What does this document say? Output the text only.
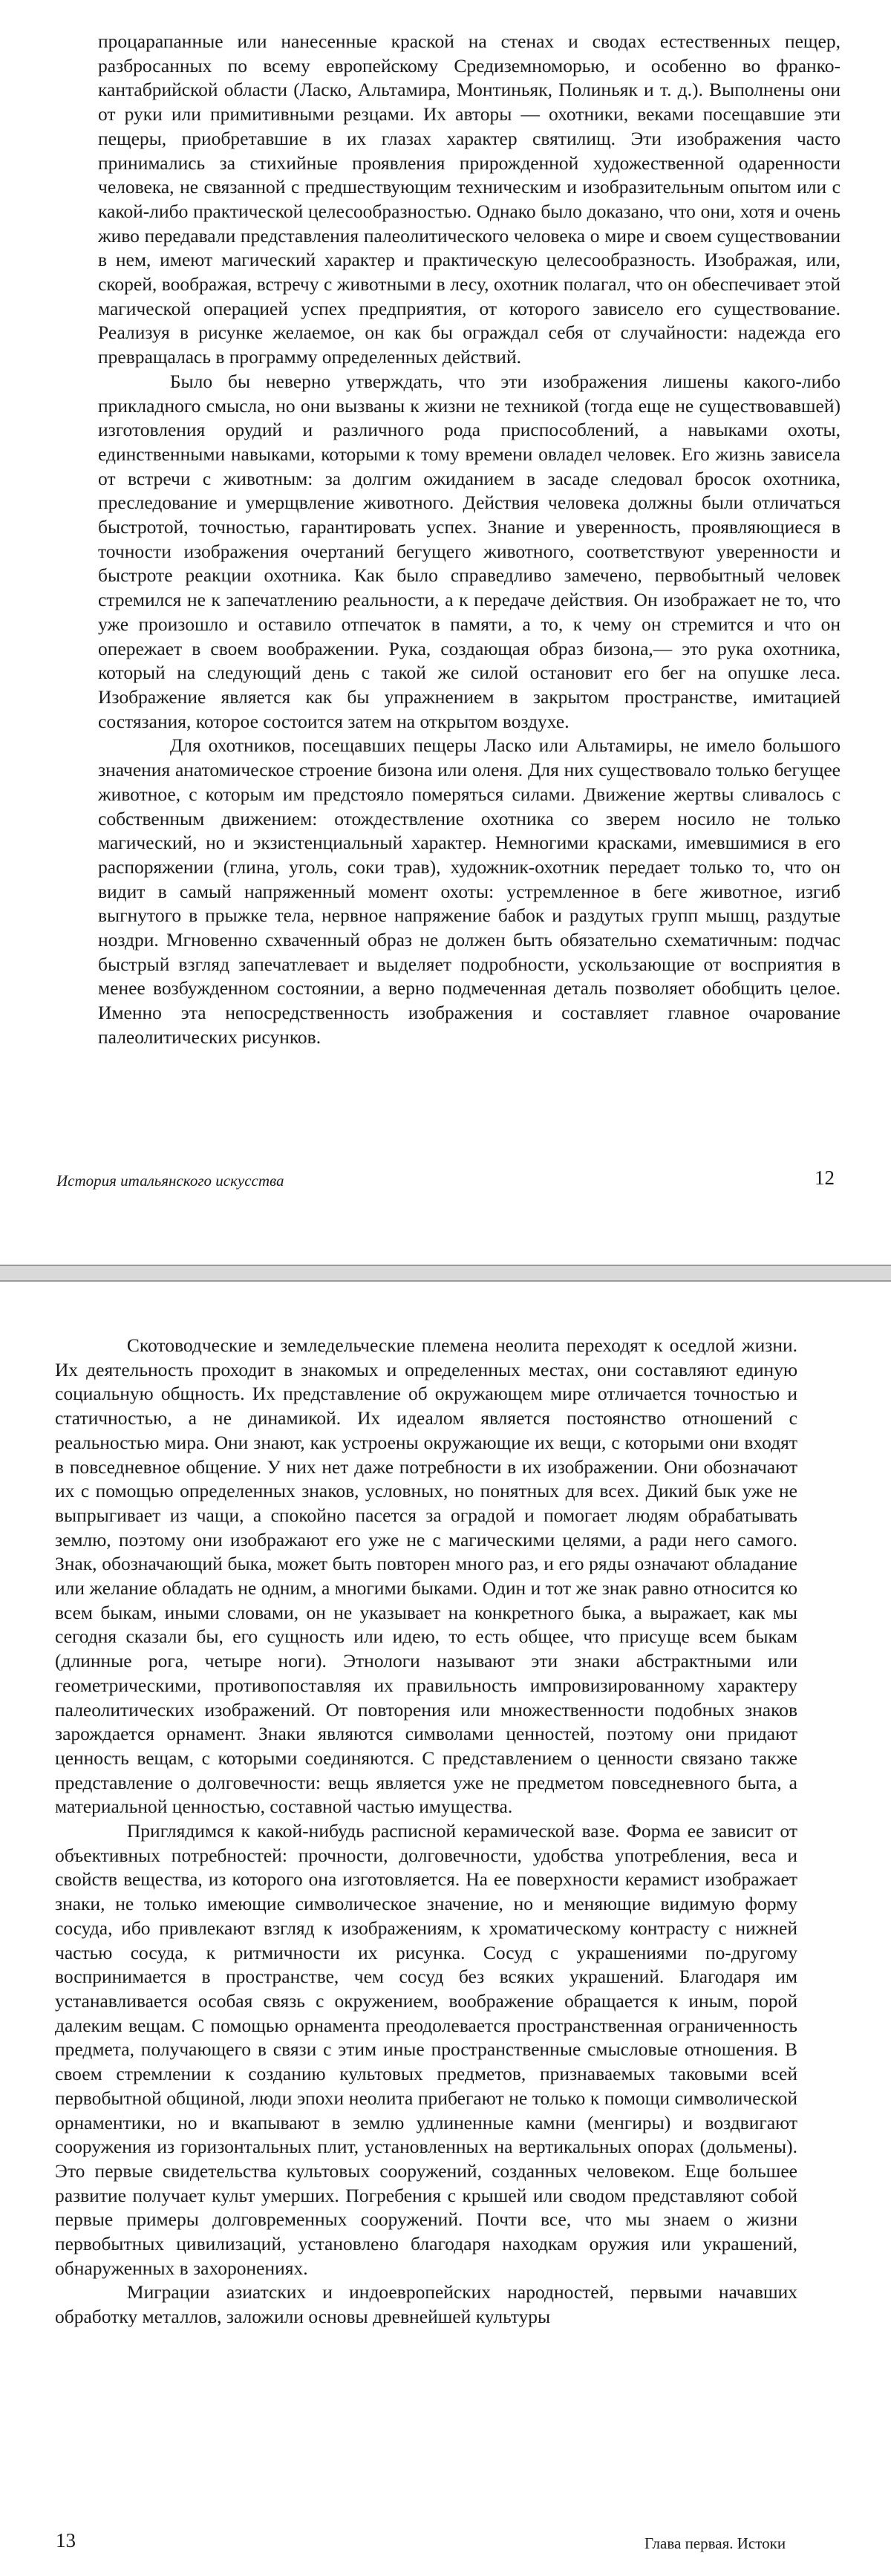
процарапанные или нанесенные краской на стенах и сводах естественных пещер, разбросанных по всему европейскому Средиземноморью, и особенно во франко-кантабрийской области (Ласко, Альтамира, Монтиньяк, Полиньяк и т. д.). Выполнены они от руки или примитивными резцами. Их авторы — охотники, веками посещавшие эти пещеры, приобретавшие в их глазах характер святилищ. Эти изображения часто принимались за стихийные проявления прирожденной художественной одаренности человека, не связанной с предшествующим техническим и изобразительным опытом или с какой-либо практической целесообразностью. Однако было доказано, что они, хотя и очень живо передавали представления палеолитического человека о мире и своем существовании в нем, имеют магический характер и практическую целесообразность. Изображая, или, скорей, воображая, встречу с животными в лесу, охотник полагал, что он обеспечивает этой магической операцией успех предприятия, от которого зависело его существование. Реализуя в рисунке желаемое, он как бы ограждал себя от случайности: надежда его превращалась в программу определенных действий.

Было бы неверно утверждать, что эти изображения лишены какого-либо прикладного смысла, но они вызваны к жизни не техникой (тогда еще не существовавшей) изготовления орудий и различного рода приспособлений, а навыками охоты, единственными навыками, которыми к тому времени овладел человек. Его жизнь зависела от встречи с животным: за долгим ожиданием в засаде следовал бросок охотника, преследование и умерщвление животного. Действия человека должны были отличаться быстротой, точностью, гарантировать успех. Знание и уверенность, проявляющиеся в точности изображения очертаний бегущего животного, соответствуют уверенности и быстроте реакции охотника. Как было справедливо замечено, первобытный человек стремился не к запечатлению реальности, а к передаче действия. Он изображает не то, что уже произошло и оставило отпечаток в памяти, а то, к чему он стремится и что он опережает в своем воображении. Рука, создающая образ бизона,— это рука охотника, который на следующий день с такой же силой остановит его бег на опушке леса. Изображение является как бы упражнением в закрытом пространстве, имитацией состязания, которое состоится затем на открытом воздухе.

Для охотников, посещавших пещеры Ласко или Альтамиры, не имело большого значения анатомическое строение бизона или оленя. Для них существовало только бегущее животное, с которым им предстояло померяться силами. Движение жертвы сливалось с собственным движением: отождествление охотника со зверем носило не только магический, но и экзистенциальный характер. Немногими красками, имевшимися в его распоряжении (глина, уголь, соки трав), художник-охотник передает только то, что он видит в самый напряженный момент охоты: устремленное в беге животное, изгиб выгнутого в прыжке тела, нервное напряжение бабок и раздутых групп мышц, раздутые ноздри. Мгновенно схваченный образ не должен быть обязательно схематичным: подчас быстрый взгляд запечатлевает и выделяет подробности, ускользающие от восприятия в менее возбужденном состоянии, а верно подмеченная деталь позволяет обобщить целое. Именно эта непосредственность изображения и составляет главное очарование палеолитических рисунков.

История итальянского искусства	12

Скотоводческие и земледельческие племена неолита переходят к оседлой жизни. Их деятельность проходит в знакомых и определенных местах, они составляют единую социальную общность. Их представление об окружающем мире отличается точностью и статичностью, а не динамикой. Их идеалом является постоянство отношений с реальностью мира. Они знают, как устроены окружающие их вещи, с которыми они входят в повседневное общение. У них нет даже потребности в их изображении. Они обозначают их с помощью определенных знаков, условных, но понятных для всех. Дикий бык уже не выпрыгивает из чащи, а спокойно пасется за оградой и помогает людям обрабатывать землю, поэтому они изображают его уже не с магическими целями, а ради него самого. Знак, обозначающий быка, может быть повторен много раз, и его ряды означают обладание или желание обладать не одним, а многими быками. Один и тот же знак равно относится ко всем быкам, иными словами, он не указывает на конкретного быка, а выражает, как мы сегодня сказали бы, его сущность или идею, то есть общее, что присуще всем быкам (длинные рога, четыре ноги). Этнологи называют эти знаки абстрактными или геометрическими, противопоставляя их правильность импровизированному характеру палеолитических изображений. От повторения или множественности подобных знаков зарождается орнамент. Знаки являются символами ценностей, поэтому они придают ценность вещам, с которыми соединяются. С представлением о ценности связано также представление о долговечности: вещь является уже не предметом повседневного быта, а материальной ценностью, составной частью имущества.

Приглядимся к какой-нибудь расписной керамической вазе. Форма ее зависит от объективных потребностей: прочности, долговечности, удобства употребления, веса и свойств вещества, из которого она изготовляется. На ее поверхности керамист изображает знаки, не только имеющие символическое значение, но и меняющие видимую форму сосуда, ибо привлекают взгляд к изображениям, к хроматическому контрасту с нижней частью сосуда, к ритмичности их рисунка. Сосуд с украшениями по-другому воспринимается в пространстве, чем сосуд без всяких украшений. Благодаря им устанавливается особая связь с окружением, воображение обращается к иным, порой далеким вещам. С помощью орнамента преодолевается пространственная ограниченность предмета, получающего в связи с этим иные пространственные смысловые отношения. В своем стремлении к созданию культовых предметов, признаваемых таковыми всей первобытной общиной, люди эпохи неолита прибегают не только к помощи символической орнаментики, но и вкапывают в землю удлиненные камни (менгиры) и воздвигают сооружения из горизонтальных плит, установленных на вертикальных опорах (дольмены). Это первые свидетельства культовых сооружений, созданных человеком. Еще большее развитие получает культ умерших. Погребения с крышей или сводом представляют собой первые примеры долговременных сооружений. Почти все, что мы знаем о жизни первобытных цивилизаций, установлено благодаря находкам оружия или украшений, обнаруженных в захоронениях.

Миграции азиатских и индоевропейских народностей, первыми начавших обработку металлов, заложили основы древнейшей культуры

13	Глава первая. Истоки
